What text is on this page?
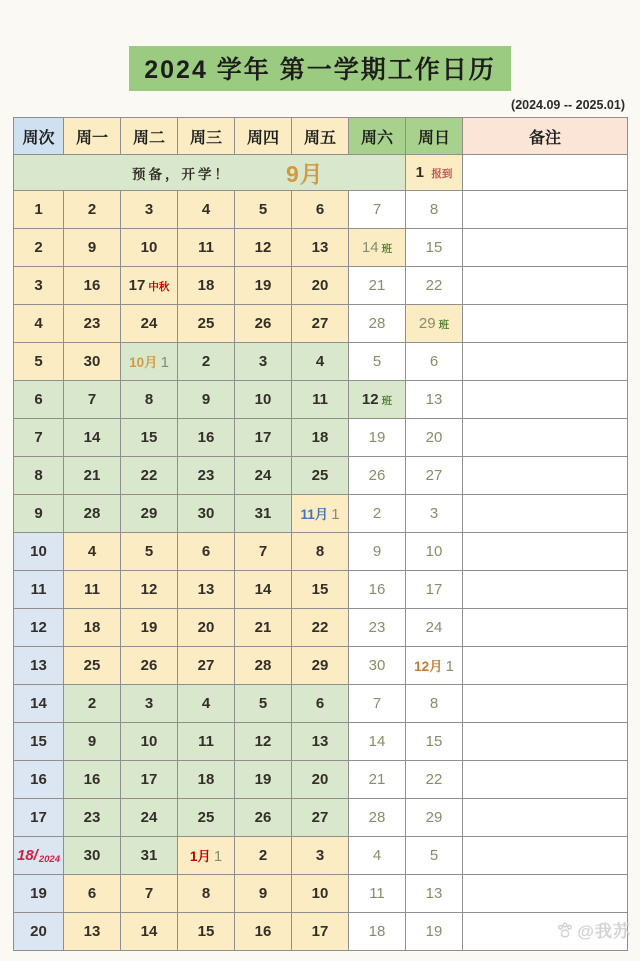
2024 学年 第一学期工作日历
(2024.09 -- 2025.01)
周次	周一	周二	周三	周四	周五	周六	周日	备注

预备，开学！ 9月							1 报到	
1	2	3	4	5	6	7	8	
2	9	10	11	12	13	14 班	15	
3	16	17 中秋	18	19	20	21	22	
4	23	24	25	26	27	28	29 班	
5	30	10月 1	2	3	4	5	6	
6	7	8	9	10	11	12 班	13	
7	14	15	16	17	18	19	20	
8	21	22	23	24	25	26	27	
9	28	29	30	31	11月 1	2	3	
10	4	5	6	7	8	9	10	
11	11	12	13	14	15	16	17	
12	18	19	20	21	22	23	24	
13	25	26	27	28	29	30	12月 1	
14	2	3	4	5	6	7	8	
15	9	10	11	12	13	14	15	
16	16	17	18	19	20	21	22	
17	23	24	25	26	27	28	29	
18/2024	30	31	1月 1	2	3	4	5	
19	6	7	8	9	10	11	13	
20	13	14	15	16	17	18	19		@我苏
